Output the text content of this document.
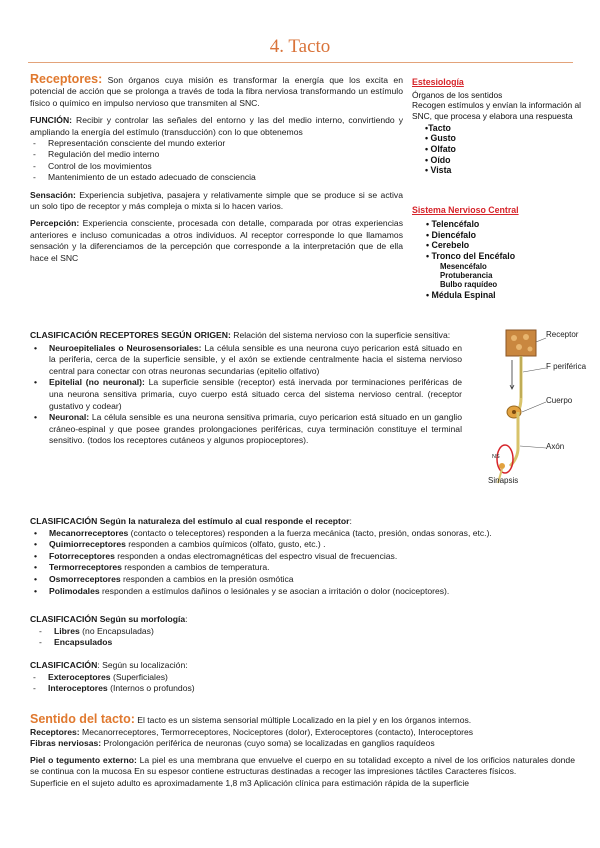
4. Tacto

Receptores: Son órganos cuya misión es transformar la energía que los excita en potencial de acción que se prolonga a través de toda la fibra nerviosa transformando un estímulo físico o químico en impulso nervioso que transmiten al SNC.

FUNCIÓN: Recibir y controlar las señales del entorno y las del medio interno, convirtiendo y ampliando la energía del estímulo (transducción) con lo que obtenemos

- Representación consciente del mundo exterior
- Regulación del medio interno
- Control de los movimientos
- Mantenimiento de un estado adecuado de consciencia

Sensación: Experiencia subjetiva, pasajera y relativamente simple que se produce si se activa un solo tipo de receptor y más compleja o mixta si lo hacen varios.

Percepción: Experiencia consciente, procesada con detalle, comparada por otras experiencias anteriores e incluso comunicadas a otros individuos. Al receptor corresponde lo que llamamos sensación y la diferenciamos de la percepción que corresponde a la interpretación que de ella hace el SNC

CLASIFICACIÓN RECEPTORES SEGÚN ORIGEN: Relación del sistema nervioso con la superficie sensitiva:
• Neuroepiteliales o Neurosensoriales: La célula sensible es una neurona cuyo pericarion está situado en la periferia, cerca de la superficie sensible, y el axón se extiende centralmente hacia el sistema nervioso central para conectar con otras neuronas secundarias (epitelio olfativo)
• Epitelial (no neuronal): La superficie sensible (receptor) está inervada por terminaciones periféricas de una neurona sensitiva primaria, cuyo cuerpo está situado cerca del sistema nervioso central. (receptor gustativo y codear)
• Neuronal: La célula sensible es una neurona sensitiva primaria, cuyo pericarion está situado en un ganglio cráneo-espinal y que posee grandes prolongaciones periféricas, cuya terminación constituye el terminal sensitivo. (todos los receptores cutáneos y algunos propioceptores).
CLASIFICACIÓN Según la naturaleza del estímulo al cual responde el receptor:
• Mecanorreceptores (contacto o teleceptores) responden a la fuerza mecánica (tacto, presión, ondas sonoras, etc.).
• Quimiorreceptores responden a cambios químicos (olfato, gusto, etc.) .
• Fotorreceptores responden a ondas electromagnéticas del espectro visual de frecuencias.
• Termorreceptores responden a cambios de temperatura.
• Osmorreceptores responden a cambios en la presión osmótica
• Polimodales responden a estímulos dañinos o lesiónales y se asocian a irritación o dolor (nociceptores).
CLASIFICACIÓN Según su morfología:
- Libres (no Encapsuladas)
- Encapsulados
CLASIFICACIÓN: Según su localización:
- Exteroceptores (Superficiales)
- Interoceptores (Internos o profundos)

Sentido del tacto: El tacto es un sistema sensorial múltiple Localizado en la piel y en los órganos internos.

Receptores: Mecanorreceptores, Termorreceptores, Nociceptores (dolor), Exteroceptores (contacto), Interoceptores

Fibras nerviosas: Prolongación periférica de neuronas (cuyo soma) se localizadas en ganglios raquídeos

Piel o tegumento externo: La piel es una membrana que envuelve el cuerpo en su totalidad excepto a nivel de los orificios naturales donde se continua con la mucosa En su espesor contiene estructuras destinadas a recoger las impresiones táctiles Caracteres físicos.

Superficie en el sujeto adulto es aproximadamente 1,8 m3 Aplicación clínica para estimación rápida de la superficie

Estesiología
Órganos de los sentidos
Recogen estímulos y envían la información al SNC, que procesa y elabora una respuesta
•Tacto
• Gusto
• Olfato
• Oído
• Vista
Sistema Nervioso Central
• Telencéfalo
• Diencéfalo
• Cerebelo
• Tronco del Encéfalo
Mesencéfalo
Protuberancia
Bulbo raquídeo
• Médula Espinal
Receptor
F periférica
Cuerpo
Axón
Sinapsis
NS
